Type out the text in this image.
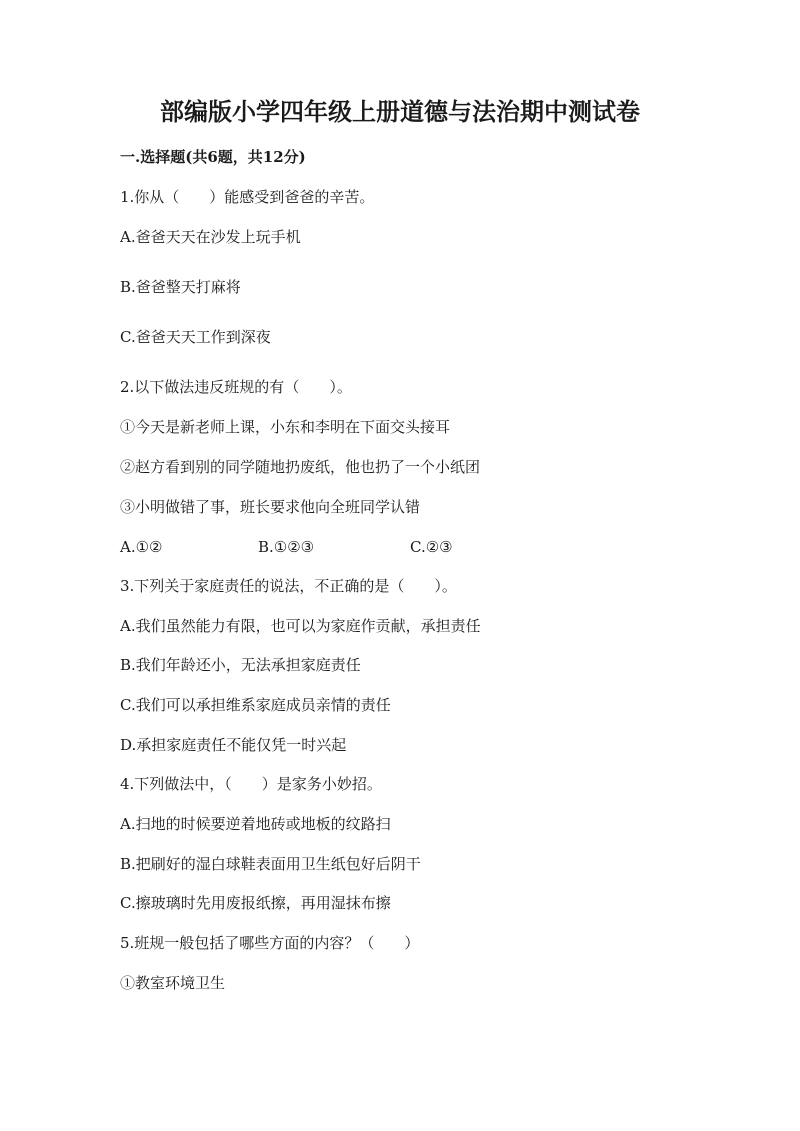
部编版小学四年级上册道德与法治期中测试卷
一.选择题(共6题，共12分)
1.你从（　　）能感受到爸爸的辛苦。
A.爸爸天天在沙发上玩手机
B.爸爸整天打麻将
C.爸爸天天工作到深夜
2.以下做法违反班规的有（　　）。
①今天是新老师上课，小东和李明在下面交头接耳
②赵方看到别的同学随地扔废纸，他也扔了一个小纸团
③小明做错了事，班长要求他向全班同学认错
A.①②	B.①②③	C.②③
3.下列关于家庭责任的说法，不正确的是（　　）。
A.我们虽然能力有限，也可以为家庭作贡献，承担责任
B.我们年龄还小，无法承担家庭责任
C.我们可以承担维系家庭成员亲情的责任
D.承担家庭责任不能仅凭一时兴起
4.下列做法中，（　　）是家务小妙招。
A.扫地的时候要逆着地砖或地板的纹路扫
B.把刷好的湿白球鞋表面用卫生纸包好后阴干
C.擦玻璃时先用废报纸擦，再用湿抹布擦
5.班规一般包括了哪些方面的内容？（　　）
①教室环境卫生
